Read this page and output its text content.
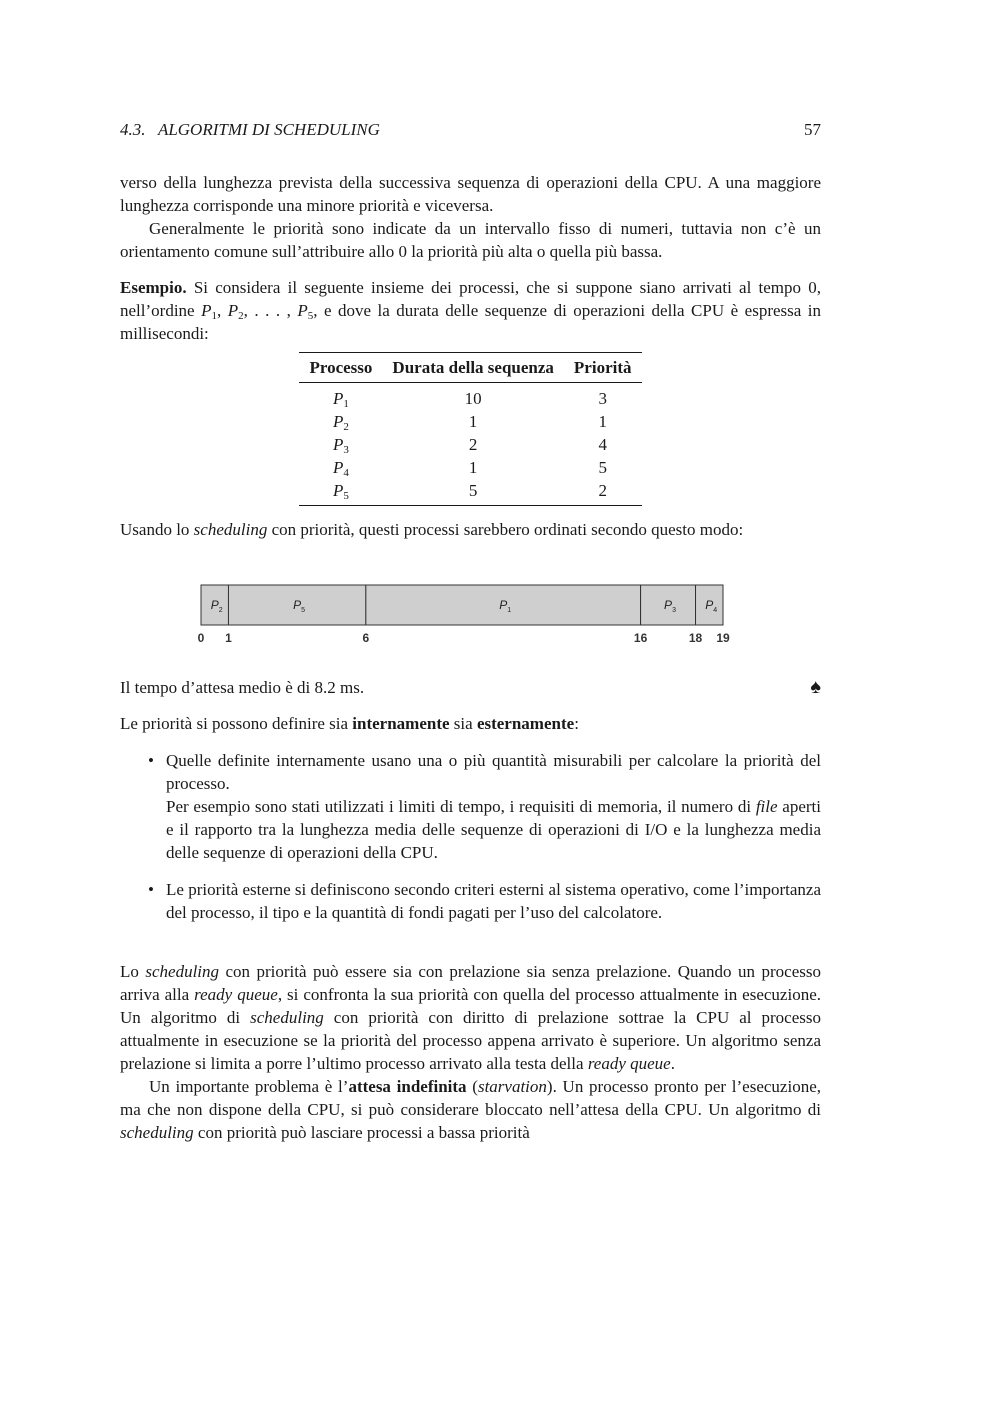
4.3.   ALGORITMI DI SCHEDULING	57

verso della lunghezza prevista della successiva sequenza di operazioni della CPU. A una maggiore lunghezza corrisponde una minore priorità e viceversa.

Generalmente le priorità sono indicate da un intervallo fisso di numeri, tuttavia non c’è un orientamento comune sull’attribuire allo 0 la priorità più alta o quella più bassa.

Esempio. Si considera il seguente insieme dei processi, che si suppone siano arrivati al tempo 0, nell’ordine $P_1$, $P_2$, . . . , $P_5$, e dove la durata delle sequenze di operazioni della CPU è espressa in millisecondi:

Processo	Durata della sequenza	Priorità
$P_1$	10	3
$P_2$	1	1
$P_3$	2	4
$P_4$	1	5
$P_5$	5	2

Usando lo scheduling con priorità, questi processi sarebbero ordinati secondo questo modo:

$P_2$	$P_5$	$P_1$	$P_3$ $P_4$
0 1	6	16	18 19

Il tempo d’attesa medio è di 8.2 ms.	♠

Le priorità si possono definire sia internamente sia esternamente:

• Quelle definite internamente usano una o più quantità misurabili per calcolare la priorità del processo.
Per esempio sono stati utilizzati i limiti di tempo, i requisiti di memoria, il numero di file aperti e il rapporto tra la lunghezza media delle sequenze di operazioni di I/O e la lunghezza media delle sequenze di operazioni della CPU.
• Le priorità esterne si definiscono secondo criteri esterni al sistema operativo, come l’importanza del processo, il tipo e la quantità di fondi pagati per l’uso del calcolatore.

Lo scheduling con priorità può essere sia con prelazione sia senza prelazione. Quando un processo arriva alla ready queue, si confronta la sua priorità con quella del processo attualmente in esecuzione. Un algoritmo di scheduling con priorità con diritto di prelazione sottrae la CPU al processo attualmente in esecuzione se la priorità del processo appena arrivato è superiore. Un algoritmo senza prelazione si limita a porre l’ultimo processo arrivato alla testa della ready queue.

Un importante problema è l’attesa indefinita (starvation). Un processo pronto per l’esecuzione, ma che non dispone della CPU, si può considerare bloccato nell’attesa della CPU. Un algoritmo di scheduling con priorità può lasciare processi a bassa priorità
